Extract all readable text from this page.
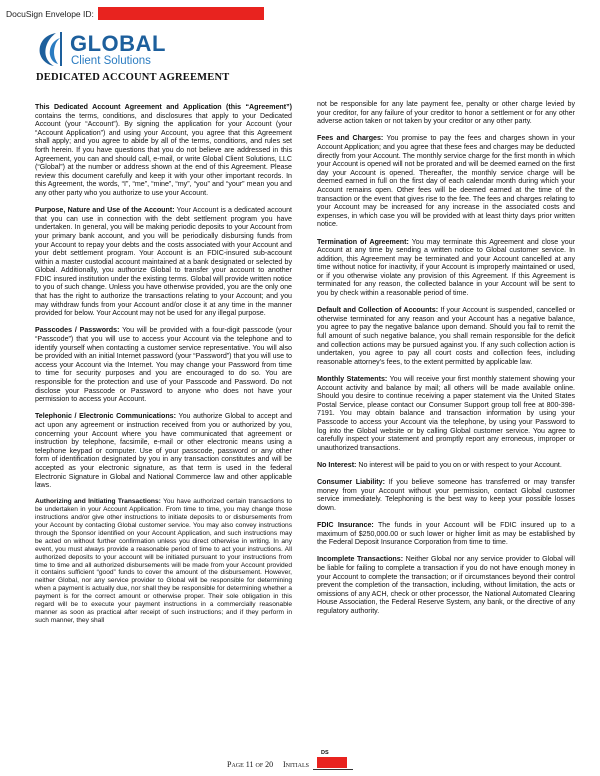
DocuSign Envelope ID:
GLOBAL
Client Solutions
DEDICATED ACCOUNT AGREEMENT

This Dedicated Account Agreement and Application (this “Agreement”) contains the terms, conditions, and disclosures that apply to your Dedicated Account (your “Account”). By signing the application for your Account (your “Account Application”) and using your Account, you agree that this Agreement shall apply; and you agree to abide by all of the terms, conditions, and rules set forth herein. If you have questions that you do not believe are addressed in this Agreement, you can and should call, e-mail, or write Global Client Solutions, LLC (“Global”) at the number or address shown at the end of this Agreement. Please review this document carefully and keep it with your other important records. In this Agreement, the words, “I”, “me”, “mine”, “my”, “you” and “your” mean you and any other party who you authorize to use your Account.

Purpose, Nature and Use of the Account: Your Account is a dedicated account that you can use in connection with the debt settlement program you have undertaken. In general, you will be making periodic deposits to your Account from your primary bank account, and you will be periodically disbursing funds from your Account to repay your debts and the costs associated with your Account and your debt settlement program. Your Account is an FDIC-insured sub-account within a master custodial account maintained at a bank designated or selected by Global. Additionally, you authorize Global to transfer your account to another FDIC insured institution under the existing terms. Global will provide written notice to you of such change. Unless you have otherwise provided, you are the only one that has the right to authorize the transactions relating to your Account; and you may withdraw funds from your Account and/or close it at any time in the manner provided for below. Your Account may not be used for any illegal purpose.

Passcodes / Passwords: You will be provided with a four-digit passcode (your “Passcode”) that you will use to access your Account via the telephone and to identify yourself when contacting a customer service representative. You will also be provided with an initial Internet password (your “Password”) that you will use to access your Account via the Internet. You may change your Password from time to time for security purposes and you are encouraged to do so. You are responsible for the protection and use of your Passcode and Password. Do not disclose your Passcode or Password to anyone who does not have your permission to access your Account.

Telephonic / Electronic Communications: You authorize Global to accept and act upon any agreement or instruction received from you or authorized by you, concerning your Account where you have communicated that agreement or instruction by telephone, facsimile, e-mail or other electronic means using a telephone keypad or computer. Use of your passcode, password or any other form of identification designated by you in any transaction constitutes and will be accepted as your electronic signature, as that term is used in the federal Electronic Signature in Global and National Commerce law and other applicable laws.

Authorizing and Initiating Transactions: You have authorized certain transactions to be undertaken in your Account Application. From time to time, you may change those instructions and/or give other instructions to initiate deposits to or disbursements from your Account by contacting Global customer service. You may also convey instructions through the Sponsor identified on your Account Application, and such instructions may be acted on without further confirmation unless you direct otherwise in writing. In any event, you must always provide a reasonable period of time to act your instructions. All authorized deposits to your account will be initiated pursuant to your instructions from time to time and all authorized disbursements will be made from your Account provided it contains sufficient “good” funds to cover the amount of the disbursement. However, neither Global, nor any service provider to Global will be responsible for determining when a payment is actually due, nor shall they be responsible for determining whether a payment is for the correct amount or otherwise proper. Their sole obligation in this regard will be to execute your payment instructions in a commercially reasonable manner as soon as practical after receipt of such instructions; and if they perform in such manner, they shall

not be responsible for any late payment fee, penalty or other charge levied by your creditor, for any failure of your creditor to honor a settlement or for any other adverse action taken or not taken by your creditor or any other party.

Fees and Charges: You promise to pay the fees and charges shown in your Account Application; and you agree that these fees and charges may be deducted directly from your Account. The monthly service charge for the first month in which your Account is opened will not be prorated and will be deemed earned on the first day your Account is opened. Thereafter, the monthly service charge will be deemed earned in full on the first day of each calendar month during which your Account remains open. Other fees will be deemed earned at the time of the transaction or the event that gives rise to the fee. The fees and charges relating to your Account may be increased for any increase in the associated costs and expenses, in which case you will be provided with at least thirty days prior written notice.

Termination of Agreement: You may terminate this Agreement and close your Account at any time by sending a written notice to Global customer service. In addition, this Agreement may be terminated and your Account cancelled at any time without notice for inactivity, if your Account is improperly maintained or used, or if you otherwise violate any provision of this Agreement. If this Agreement is terminated for any reason, the collected balance in your Account will be sent to you by check within a reasonable period of time.

Default and Collection of Accounts: If your Account is suspended, cancelled or otherwise terminated for any reason and your Account has a negative balance, you agree to pay the negative balance upon demand. Should you fail to remit the full amount of such negative balance, you shall remain responsible for the deficit and collection actions may be pursued against you. If any such collection action is undertaken, you agree to pay all court costs and collection fees, including reasonable attorney’s fees, to the extent permitted by applicable law.

Monthly Statements: You will receive your first monthly statement showing your Account activity and balance by mail; all others will be made available online. Should you desire to continue receiving a paper statement via the United States Postal Service, please contact our Consumer Support group toll free at 800-398-7191. You may obtain balance and transaction information by using your Passcode to access your Account via the telephone, by using your Password to log into the Global website or by calling Global customer service. You agree to carefully inspect your statement and promptly report any erroneous, improper or unauthorized transactions.

No Interest: No interest will be paid to you on or with respect to your Account.

Consumer Liability: If you believe someone has transferred or may transfer money from your Account without your permission, contact Global customer service immediately. Telephoning is the best way to keep your possible losses down.

FDIC Insurance: The funds in your Account will be FDIC insured up to a maximum of $250,000.00 or such lower or higher limit as may be established by the Federal Deposit Insurance Corporation from time to time.

Incomplete Transactions: Neither Global nor any service provider to Global will be liable for failing to complete a transaction if you do not have enough money in your Account to complete the transaction; or if circumstances beyond their control prevent the completion of the transaction, including, without limitation, the acts or omissions of any ACH, check or other processor, the National Automated Clearing House Association, the Federal Reserve System, any bank, or the directive of any regulatory authority.

Page 11 of 20 Initials
DS
